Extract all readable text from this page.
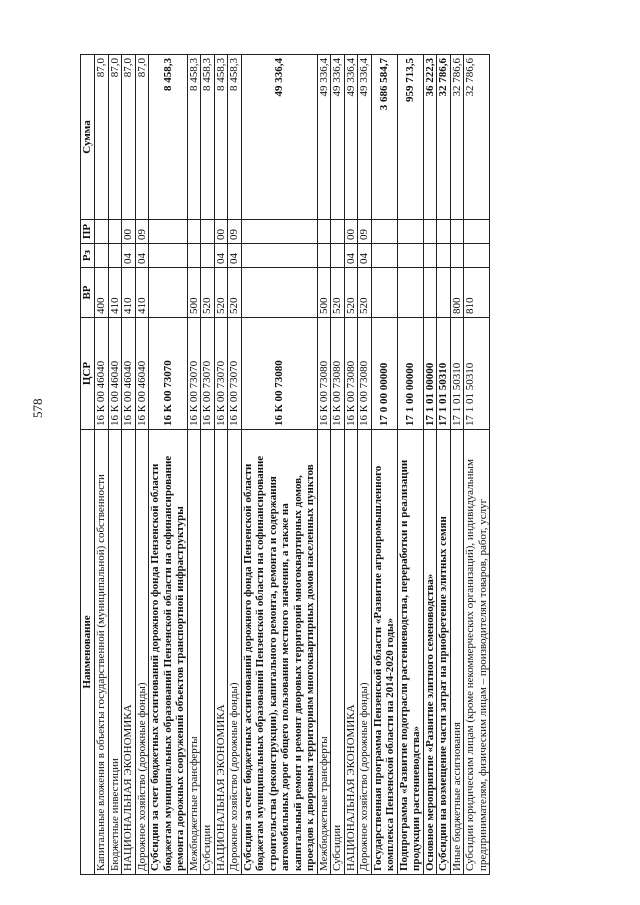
578
Наименование	ЦСР	ВР	Рз	ПР	Сумма
Капитальные вложения в объекты государственной (муниципальной) собственности	16 К 00 46040	400			87,0
Бюджетные инвестиции	16 К 00 46040	410			87,0
НАЦИОНАЛЬНАЯ ЭКОНОМИКА	16 К 00 46040	410	04	00	87,0
Дорожное хозяйство (дорожные фонды)	16 К 00 46040	410	04	09	87,0
Субсидии за счет бюджетных ассигнований дорожного фонда Пензенской области бюджетам муниципальных образований Пензенской области на софинансирование ремонта дорожных сооружений объектов транспортной инфраструктуры	16 К 00 73070				8 458,3
Межбюджетные трансферты	16 К 00 73070	500			8 458,3
Субсидии	16 К 00 73070	520			8 458,3
НАЦИОНАЛЬНАЯ ЭКОНОМИКА	16 К 00 73070	520	04	00	8 458,3
Дорожное хозяйство (дорожные фонды)	16 К 00 73070	520	04	09	8 458,3
Субсидии за счет бюджетных ассигнований дорожного фонда Пензенской области бюджетам муниципальных образований Пензенской области на софинансирование строительства (реконструкции), капитального ремонта, ремонта и содержания автомобильных дорог общего пользования местного значения, а также на капитальный ремонт и ремонт дворовых территорий многоквартирных домов, проездов к дворовым территориям многоквартирных домов населенных пунктов	16 К 00 73080				49 336,4
Межбюджетные трансферты	16 К 00 73080	500			49 336,4
Субсидии	16 К 00 73080	520			49 336,4
НАЦИОНАЛЬНАЯ ЭКОНОМИКА	16 К 00 73080	520	04	00	49 336,4
Дорожное хозяйство (дорожные фонды)	16 К 00 73080	520	04	09	49 336,4
Государственная программа Пензенской области «Развитие агропромышленного комплекса Пензенской области на 2014-2020 годы»	17 0 00 00000				3 686 584,7
Подпрограмма «Развитие подотрасли растениеводства, переработки и реализации продукции растениеводства»	17 1 00 00000				959 713,5
Основное мероприятие «Развитие элитного семеноводства»	17 1 01 00000				36 222,3
Субсидии на возмещение части затрат на приобретение элитных семян	17 1 01 50310				32 786,6
Иные бюджетные ассигнования	17 1 01 50310	800			32 786,6
Субсидии юридическим лицам (кроме некоммерческих организаций), индивидуальным предпринимателям, физическим лицам – производителям товаров, работ, услуг	17 1 01 50310	810			32 786,6
